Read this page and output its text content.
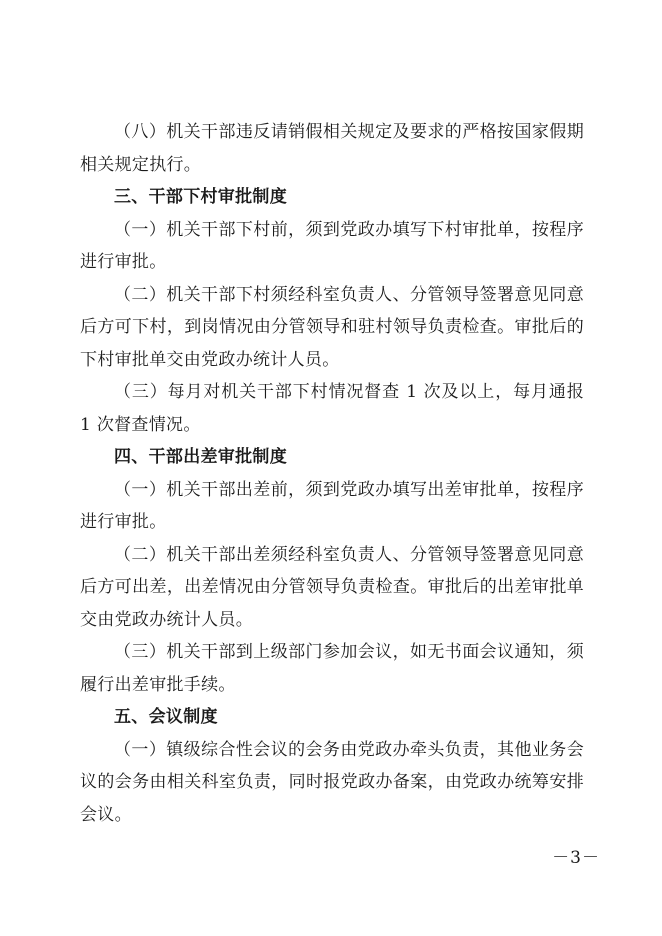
（八）机关干部违反请销假相关规定及要求的严格按国家假期相关规定执行。

三、干部下村审批制度

（一）机关干部下村前，须到党政办填写下村审批单，按程序进行审批。

（二）机关干部下村须经科室负责人、分管领导签署意见同意后方可下村，到岗情况由分管领导和驻村领导负责检查。审批后的下村审批单交由党政办统计人员。

（三）每月对机关干部下村情况督查 1 次及以上，每月通报 1 次督查情况。

四、干部出差审批制度

（一）机关干部出差前，须到党政办填写出差审批单，按程序进行审批。

（二）机关干部出差须经科室负责人、分管领导签署意见同意后方可出差，出差情况由分管领导负责检查。审批后的出差审批单交由党政办统计人员。

（三）机关干部到上级部门参加会议，如无书面会议通知，须履行出差审批手续。

五、会议制度

（一）镇级综合性会议的会务由党政办牵头负责，其他业务会议的会务由相关科室负责，同时报党政办备案，由党政办统筹安排会议。

－3－
